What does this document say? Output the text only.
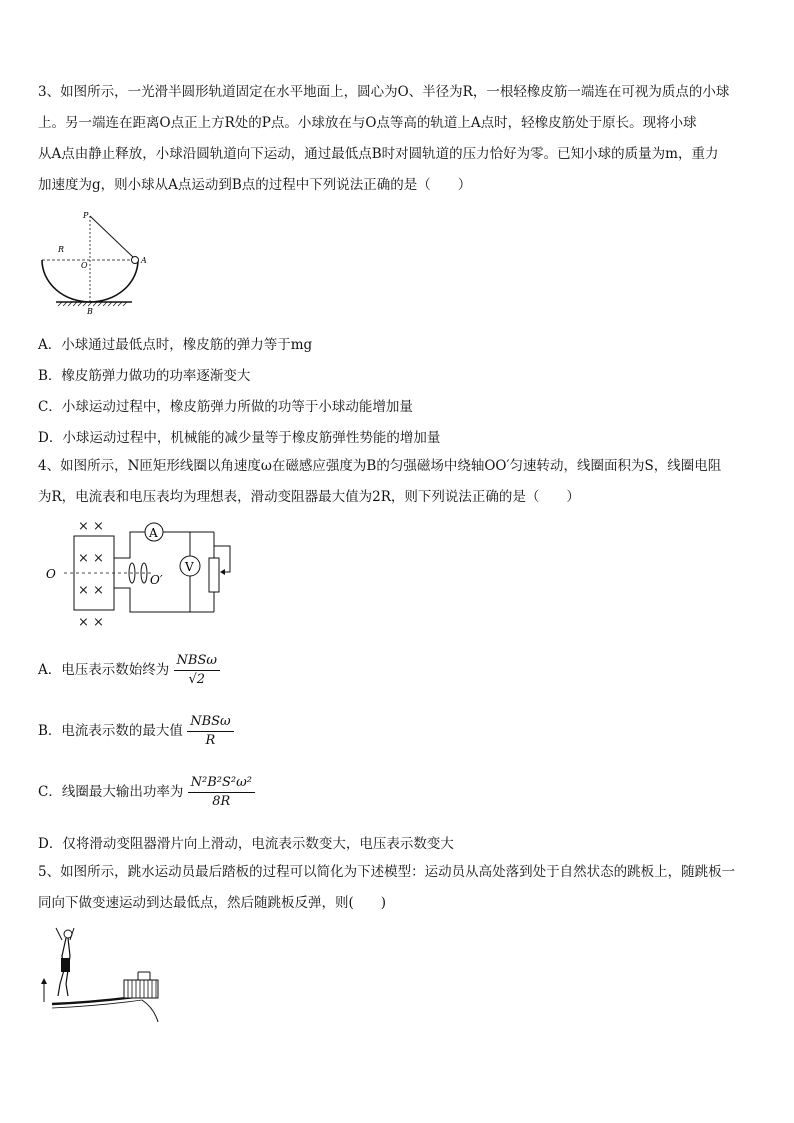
3、如图所示，一光滑半圆形轨道固定在水平地面上，圆心为O、半径为R，一根轻橡皮筋一端连在可视为质点的小球
上。另一端连在距离O点正上方R处的P点。小球放在与O点等高的轨道上A点时，轻橡皮筋处于原长。现将小球
从A点由静止释放，小球沿圆轨道向下运动，通过最低点B时对圆轨道的压力恰好为零。已知小球的质量为m，重力
加速度为g，则小球从A点运动到B点的过程中下列说法正确的是（　　）
P
R
O
A
B
A．小球通过最低点时，橡皮筋的弹力等于mg
B．橡皮筋弹力做功的功率逐渐变大
C．小球运动过程中，橡皮筋弹力所做的功等于小球动能增加量
D．小球运动过程中，机械能的减少量等于橡皮筋弹性势能的增加量
4、如图所示，N匝矩形线圈以角速度ω在磁感应强度为B的匀强磁场中绕轴OO′匀速转动，线圈面积为S，线圈电阻
为R，电流表和电压表均为理想表，滑动变阻器最大值为2R，则下列说法正确的是（　　）
× ×
× ×
× ×
× ×
A
V
O	O′
A．电压表示数始终为 $\frac{\text{NBSω}}{√2}$
B．电流表示数的最大值 $\frac{\text{NBSω}}{R}$
C．线圈最大输出功率为 $\frac{\text{N²B²S²ω²}}{8R}$
D．仅将滑动变阻器滑片向上滑动，电流表示数变大，电压表示数变大
5、如图所示，跳水运动员最后踏板的过程可以简化为下述模型：运动员从高处落到处于自然状态的跳板上，随跳板一
同向下做变速运动到达最低点，然后随跳板反弹，则(　　)
